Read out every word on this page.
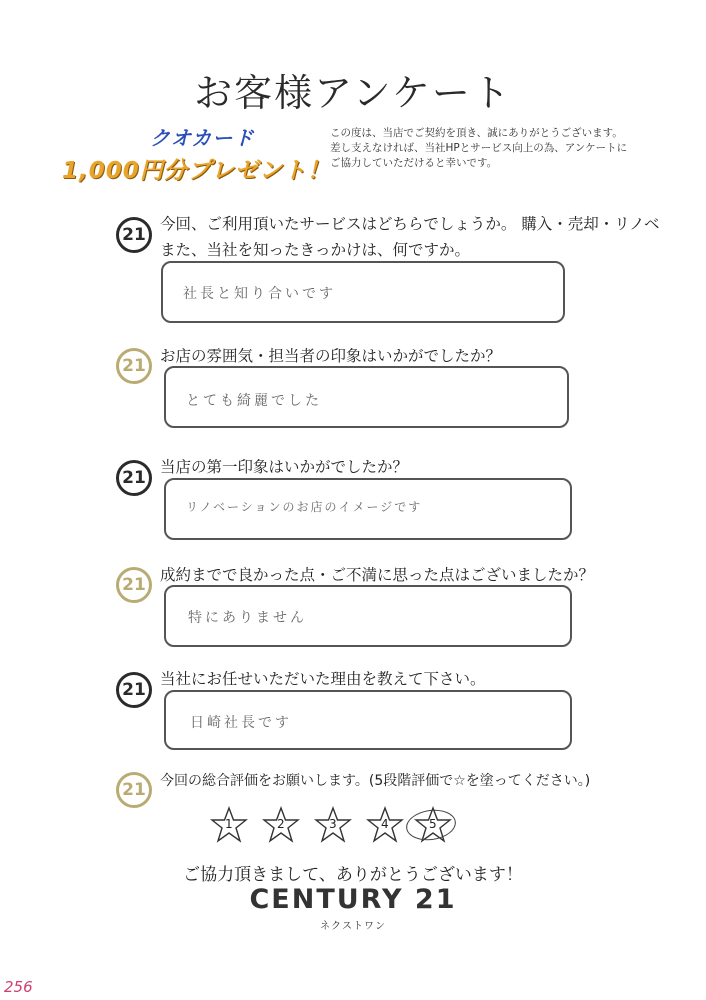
お客様アンケート
クオカード
1,000円分プレゼント！
この度は、当店でご契約を頂き、誠にありがとうございます。
差し支えなければ、当社HPとサービス向上の為、アンケートに
ご協力していただけると幸いです。
21
今回、ご利用頂いたサービスはどちらでしょうか。 購入・売却・リノベ
また、当社を知ったきっかけは、何ですか。
社長と知り合いです
21 お店の雰囲気・担当者の印象はいかがでしたか？
とても綺麗でした
21
当店の第一印象はいかがでしたか？
リノベーションのお店のイメージです
21 成約までで良かった点・ご不満に思った点はございましたか？
特にありません
21
当社にお任せいただいた理由を教えて下さい。
日崎社長です
21	今回の総合評価をお願いします。(5段階評価で☆を塗ってください。)
1	2	3	4	5
ご協力頂きまして、ありがとうございます！
CENTURY 21
ネクストワン
256
